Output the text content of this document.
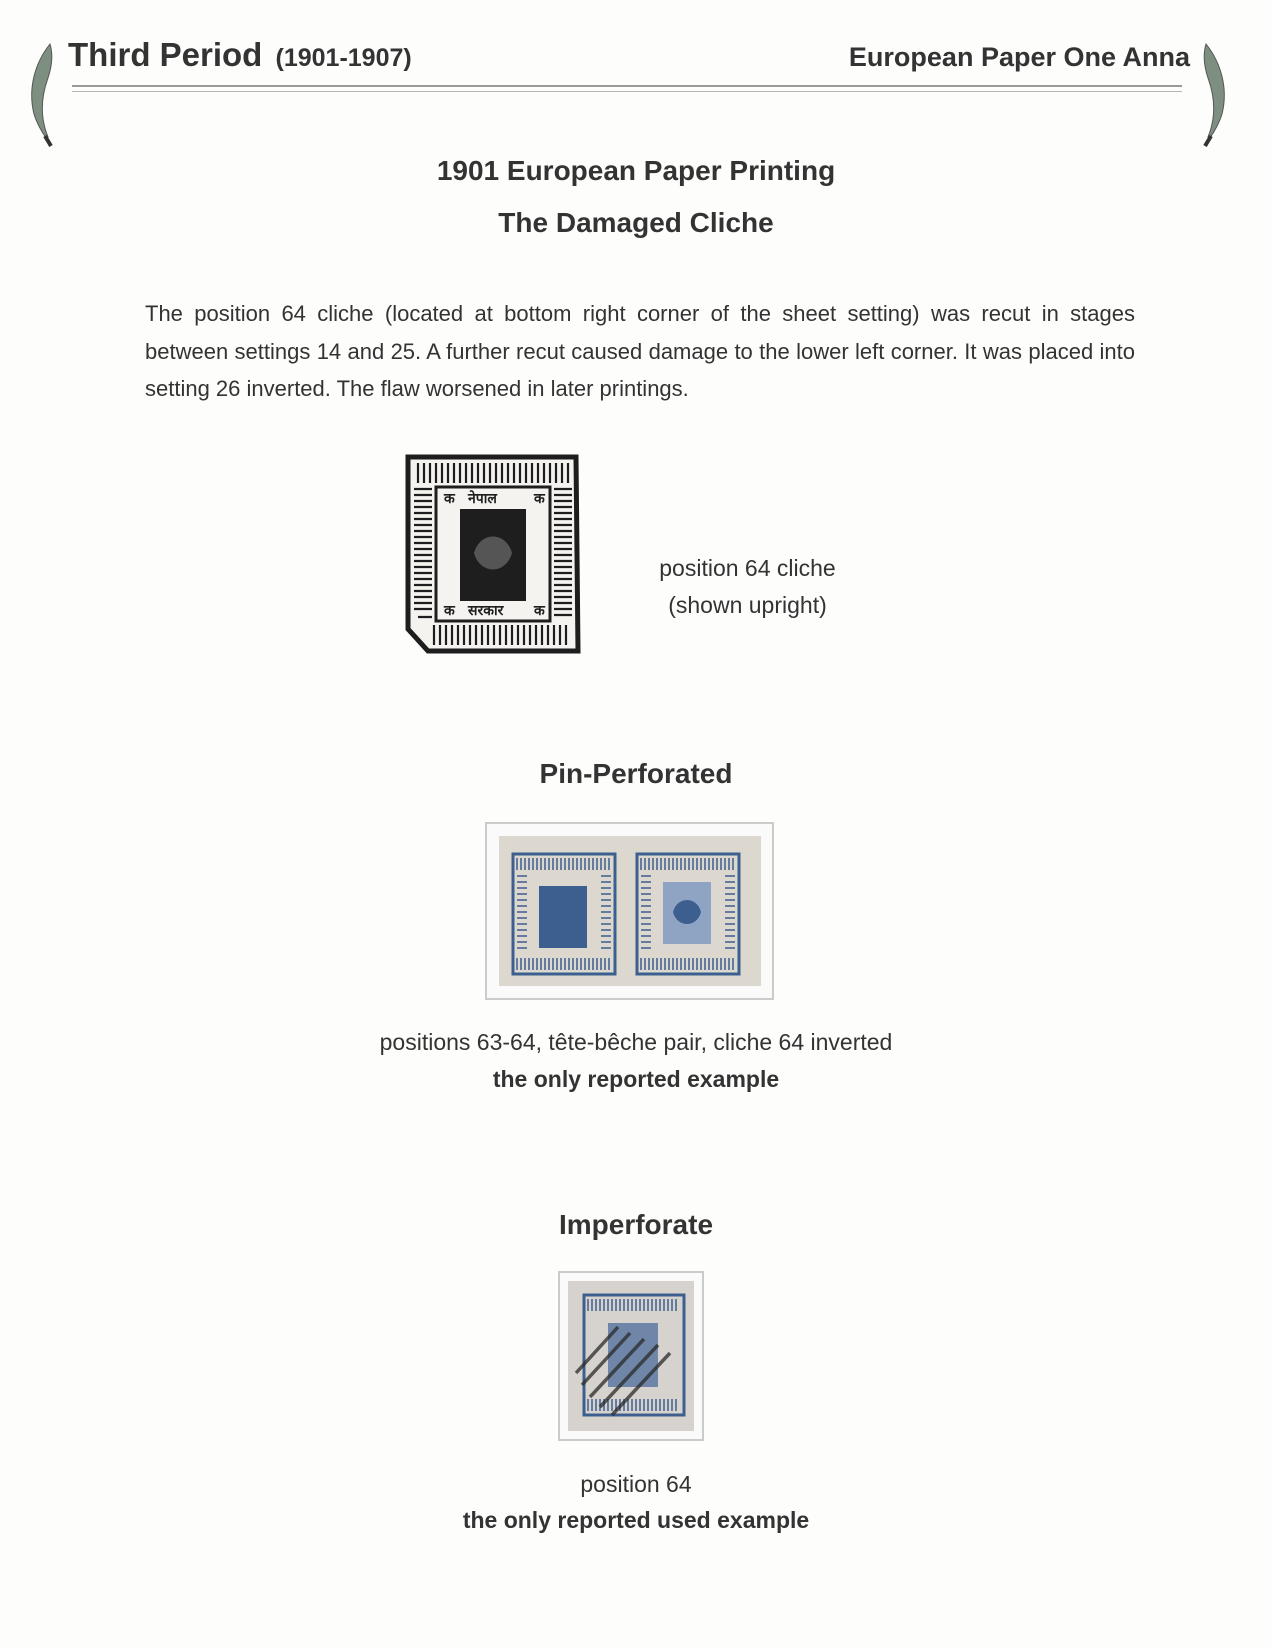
Third Period (1901-1907)	European Paper One Anna
1901 European Paper Printing
The Damaged Cliche
The position 64 cliche (located at bottom right corner of the sheet setting) was recut in stages between settings 14 and 25. A further recut caused damage to the lower left corner. It was placed into setting 26 inverted. The flaw worsened in later printings.
क नेपाल	क
क सरकार क
position 64 cliche
(shown upright)
Pin-Perforated
positions 63-64, tête-bêche pair, cliche 64 inverted
the only reported example
Imperforate
position 64
the only reported used example
